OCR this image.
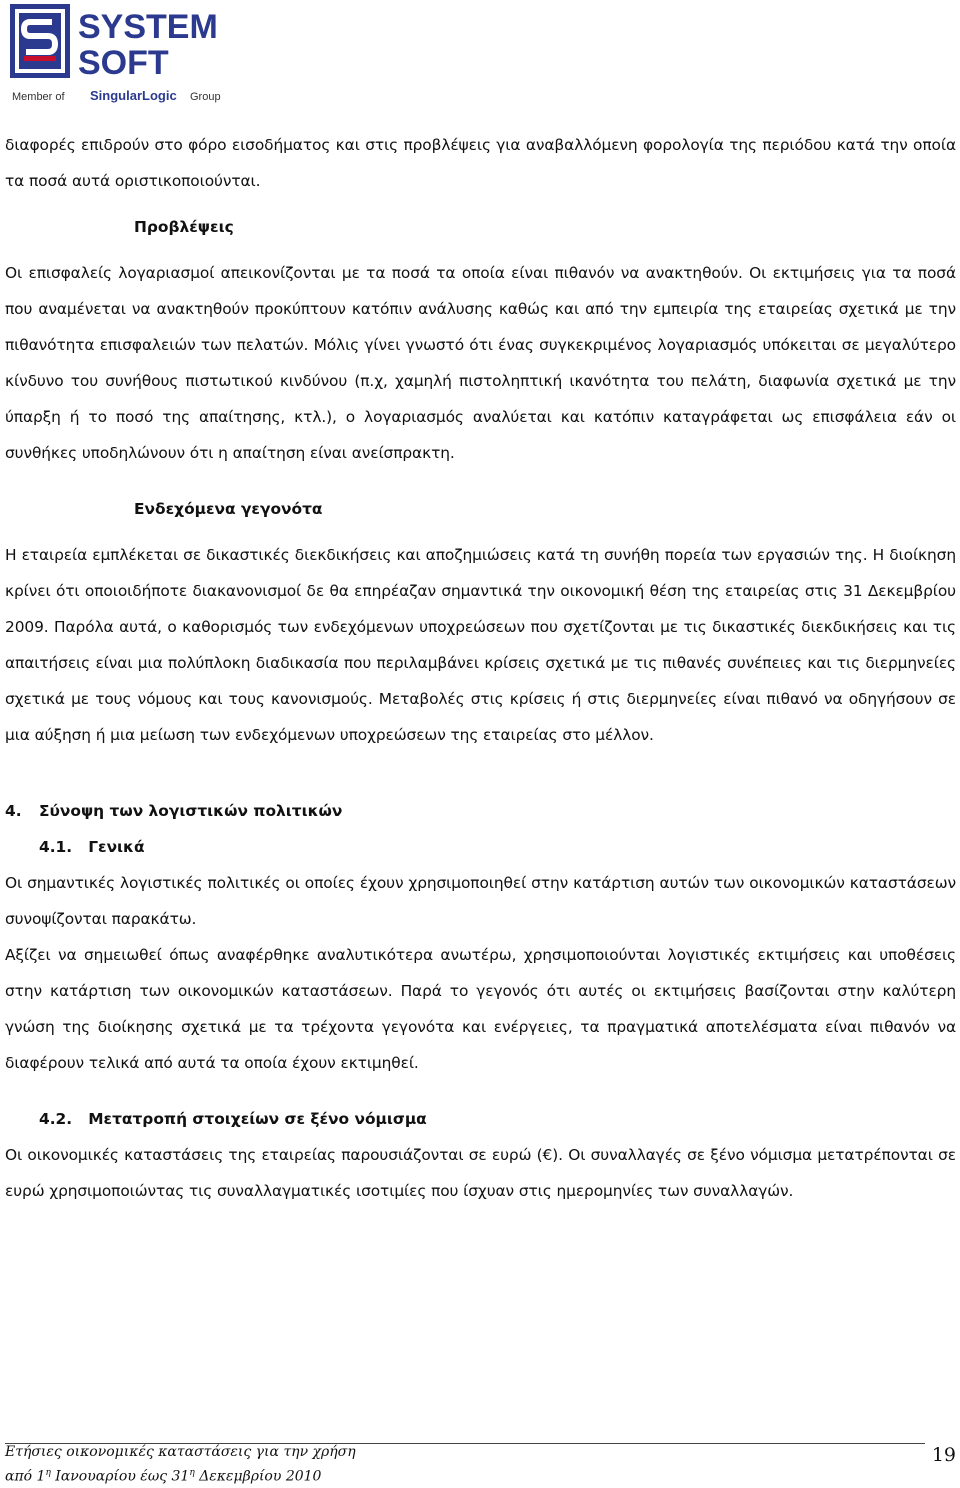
SYSTEM
SOFT
Member of SingularLogic Group

διαφορές επιδρούν στο φόρο εισοδήματος και στις προβλέψεις για αναβαλλόμενη φορολογία της περιόδου κατά την οποία τα ποσά αυτά οριστικοποιούνται.

Προβλέψεις

Οι επισφαλείς λογαριασμοί απεικονίζονται με τα ποσά τα οποία είναι πιθανόν να ανακτηθούν. Οι εκτιμήσεις για τα ποσά που αναμένεται να ανακτηθούν προκύπτουν κατόπιν ανάλυσης καθώς και από την εμπειρία της εταιρείας σχετικά με την πιθανότητα επισφαλειών των πελατών. Μόλις γίνει γνωστό ότι ένας συγκεκριμένος λογαριασμός υπόκειται σε μεγαλύτερο κίνδυνο του συνήθους πιστωτικού κινδύνου (π.χ, χαμηλή πιστοληπτική ικανότητα του πελάτη, διαφωνία σχετικά με την ύπαρξη ή το ποσό της απαίτησης, κτλ.), ο λογαριασμός αναλύεται και κατόπιν καταγράφεται ως επισφάλεια εάν οι συνθήκες υποδηλώνουν ότι η απαίτηση είναι ανείσπρακτη.

Ενδεχόμενα γεγονότα

Η εταιρεία εμπλέκεται σε δικαστικές διεκδικήσεις και αποζημιώσεις κατά τη συνήθη πορεία των εργασιών της. Η διοίκηση κρίνει ότι οποιοιδήποτε διακανονισμοί δε θα επηρέαζαν σημαντικά την οικονομική θέση της εταιρείας στις 31 Δεκεμβρίου 2009. Παρόλα αυτά, ο καθορισμός των ενδεχόμενων υποχρεώσεων που σχετίζονται με τις δικαστικές διεκδικήσεις και τις απαιτήσεις είναι μια πολύπλοκη διαδικασία που περιλαμβάνει κρίσεις σχετικά με τις πιθανές συνέπειες και τις διερμηνείες σχετικά με τους νόμους και τους κανονισμούς. Μεταβολές στις κρίσεις ή στις διερμηνείες είναι πιθανό να οδηγήσουν σε μια αύξηση ή μια μείωση των ενδεχόμενων υποχρεώσεων της εταιρείας στο μέλλον.

4. Σύνοψη των λογιστικών πολιτικών

4.1. Γενικά

Οι σημαντικές λογιστικές πολιτικές οι οποίες έχουν χρησιμοποιηθεί στην κατάρτιση αυτών των οικονομικών καταστάσεων συνοψίζονται παρακάτω.

Αξίζει να σημειωθεί όπως αναφέρθηκε αναλυτικότερα ανωτέρω, χρησιμοποιούνται λογιστικές εκτιμήσεις και υποθέσεις στην κατάρτιση των οικονομικών καταστάσεων. Παρά το γεγονός ότι αυτές οι εκτιμήσεις βασίζονται στην καλύτερη γνώση της διοίκησης σχετικά με τα τρέχοντα γεγονότα και ενέργειες, τα πραγματικά αποτελέσματα είναι πιθανόν να διαφέρουν τελικά από αυτά τα οποία έχουν εκτιμηθεί.

4.2. Μετατροπή στοιχείων σε ξένο νόμισμα

Οι οικονομικές καταστάσεις της εταιρείας παρουσιάζονται σε ευρώ (€). Οι συναλλαγές σε ξένο νόμισμα μετατρέπονται σε ευρώ χρησιμοποιώντας τις συναλλαγματικές ισοτιμίες που ίσχυαν στις ημερομηνίες των συναλλαγών.

Ετήσιες οικονομικές καταστάσεις για την χρήση
από $1^\eta$ Ιανουαρίου έως $31^\eta$ Δεκεμβρίου 2010
19
